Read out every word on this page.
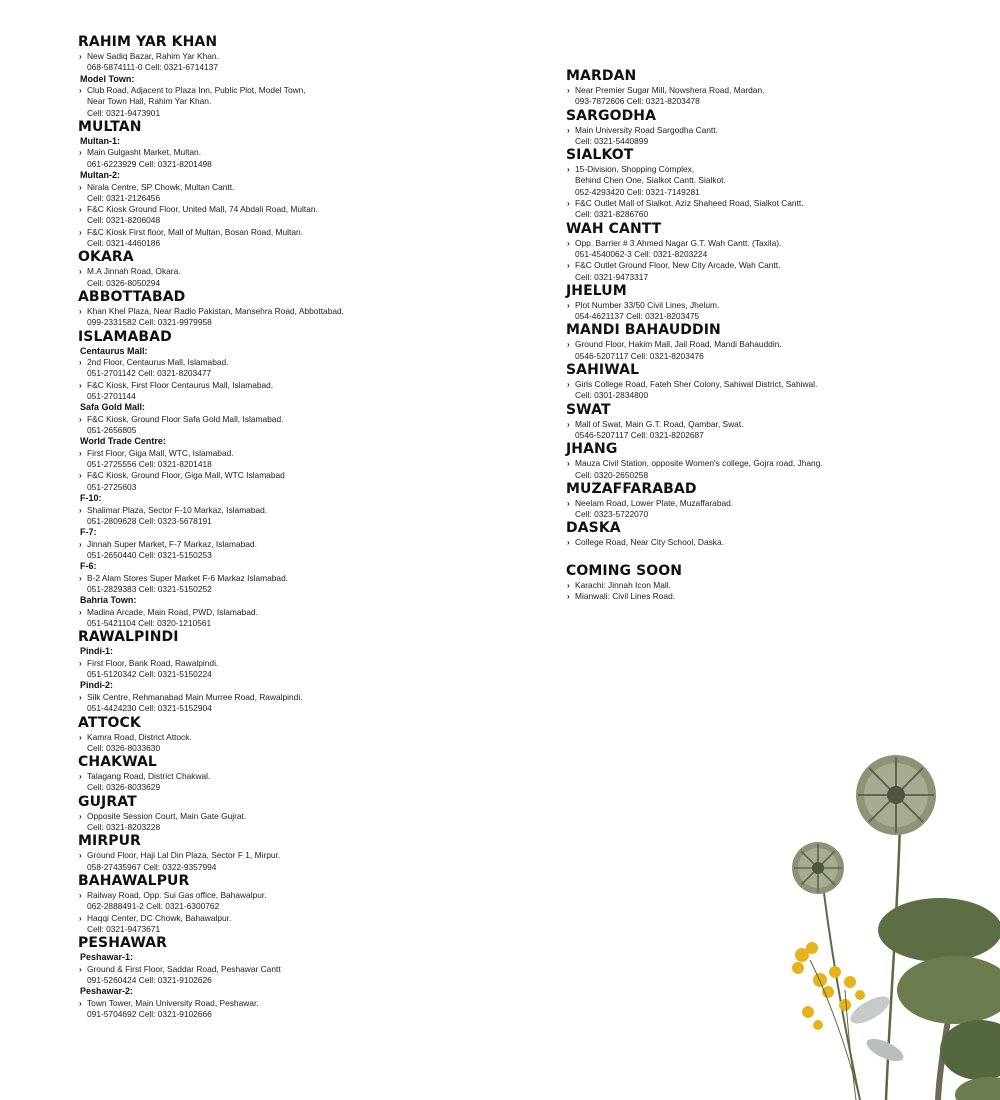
RAHIM YAR KHAN
› New Sadiq Bazar, Rahim Yar Khan.
068-5874111-0 Cell: 0321-6714137
Model Town:
› Club Road, Adjacent to Plaza Inn, Public Plot, Model Town,
Near Town Hall, Rahim Yar Khan.
Cell: 0321-9473901
MULTAN
Multan-1:
› Main Gulgasht Market, Multan.
061-6223929 Cell: 0321-8201498
Multan-2:
› Nirala Centre, SP Chowk, Multan Cantt.
Cell: 0321-2126456
› F&C Kiosk Ground Floor, United Mall, 74 Abdali Road, Multan.
Cell: 0321-8206048
› F&C Kiosk First floor, Mall of Multan, Bosan Road, Multan.
Cell: 0321-4460186
OKARA
› M.A Jinnah Road, Okara.
Cell: 0326-8050294
ABBOTTABAD
› Khan Khel Plaza, Near Radio Pakistan, Mansehra Road, Abbottabad.
099-2331582 Cell: 0321-9979958
ISLAMABAD
Centaurus Mall:
› 2nd Floor, Centaurus Mall, Islamabad.
051-2701142 Cell: 0321-8203477
› F&C Kiosk, First Floor Centaurus Mall, Islamabad.
051-2701144
Safa Gold Mall:
› F&C Kiosk, Ground Floor Safa Gold Mall, Islamabad.
051-2656805
World Trade Centre:
› First Floor, Giga Mall, WTC, Islamabad.
051-2725556 Cell: 0321-8201418
› F&C Kiosk, Ground Floor, Giga Mall, WTC Islamabad
051-2725603
F-10:
› Shalimar Plaza, Sector F-10 Markaz, Islamabad.
051-2809628 Cell: 0323-5678191
F-7:
› Jinnah Super Market, F-7 Markaz, Islamabad.
051-2650440 Cell: 0321-5150253
F-6:
› B-2 Alam Stores Super Market F-6 Markaz Islamabad.
051-2829383 Cell: 0321-5150252
Bahria Town:
› Madina Arcade, Main Road, PWD, Islamabad.
051-5421104 Cell: 0320-1210561
RAWALPINDI
Pindi-1:
› First Floor, Bank Road, Rawalpindi.
051-5120342 Cell: 0321-5150224
Pindi-2:
› Silk Centre, Rehmanabad Main Murree Road, Rawalpindi.
051-4424230 Cell: 0321-5152904
ATTOCK
› Kamra Road, District Attock.
Cell: 0326-8033630
CHAKWAL
› Talagang Road, District Chakwal.
Cell: 0326-8033629
GUJRAT
› Opposite Session Court, Main Gate Gujrat.
Cell: 0321-8203228
MIRPUR
› Ground Floor, Haji Lal Din Plaza, Sector F 1, Mirpur.
058-27435967 Cell: 0322-9357994
BAHAWALPUR
› Railway Road, Opp. Sui Gas office, Bahawalpur.
062-2888491-2 Cell: 0321-6300762
› Haqqi Center, DC Chowk, Bahawalpur.
Cell: 0321-9473671
PESHAWAR
Peshawar-1:
› Ground & First Floor, Saddar Road, Peshawar Cantt
091-5260424 Cell: 0321-9102626
Peshawar-2:
› Town Tower, Main University Road, Peshawar.
091-5704692 Cell: 0321-9102666
MARDAN
› Near Premier Sugar Mill, Nowshera Road, Mardan.
093-7872606 Cell: 0321-8203478
SARGODHA
› Main University Road Sargodha Cantt.
Cell: 0321-5440899
SIALKOT
› 15-Division, Shopping Complex,
Behind Chen One, Sialkot Cantt. Sialkot.
052-4293420 Cell: 0321-7149281
› F&C Outlet Mall of Sialkot, Aziz Shaheed Road, Sialkot Cantt.
Cell: 0321-8286760
WAH CANTT
› Opp. Barrier # 3 Ahmed Nagar G.T. Wah Cantt. (Taxila).
051-4540062-3 Cell: 0321-8203224
› F&C Outlet Ground Floor, New City Arcade, Wah Cantt.
Cell: 0321-9473317
JHELUM
› Plot Number 33/50 Civil Lines, Jhelum.
054-4621137 Cell: 0321-8203475
MANDI BAHAUDDIN
› Ground Floor, Hakim Mall, Jail Road, Mandi Bahauddin.
0546-5207117 Cell: 0321-8203476
SAHIWAL
› Girls College Road, Fateh Sher Colony, Sahiwal District, Sahiwal.
Cell: 0301-2834800
SWAT
› Mall of Swat, Main G.T. Road, Qambar, Swat.
0546-5207117 Cell: 0321-8202687
JHANG
› Mauza Civil Station, opposite Women's college, Gojra road, Jhang.
Cell: 0320-2650258
MUZAFFARABAD
› Neelam Road, Lower Plate, Muzaffarabad.
Cell: 0323-5722070
DASKA
› College Road, Near City School, Daska.
COMING SOON
› Karachi: Jinnah Icon Mall.
› Mianwali: Civil Lines Road.
